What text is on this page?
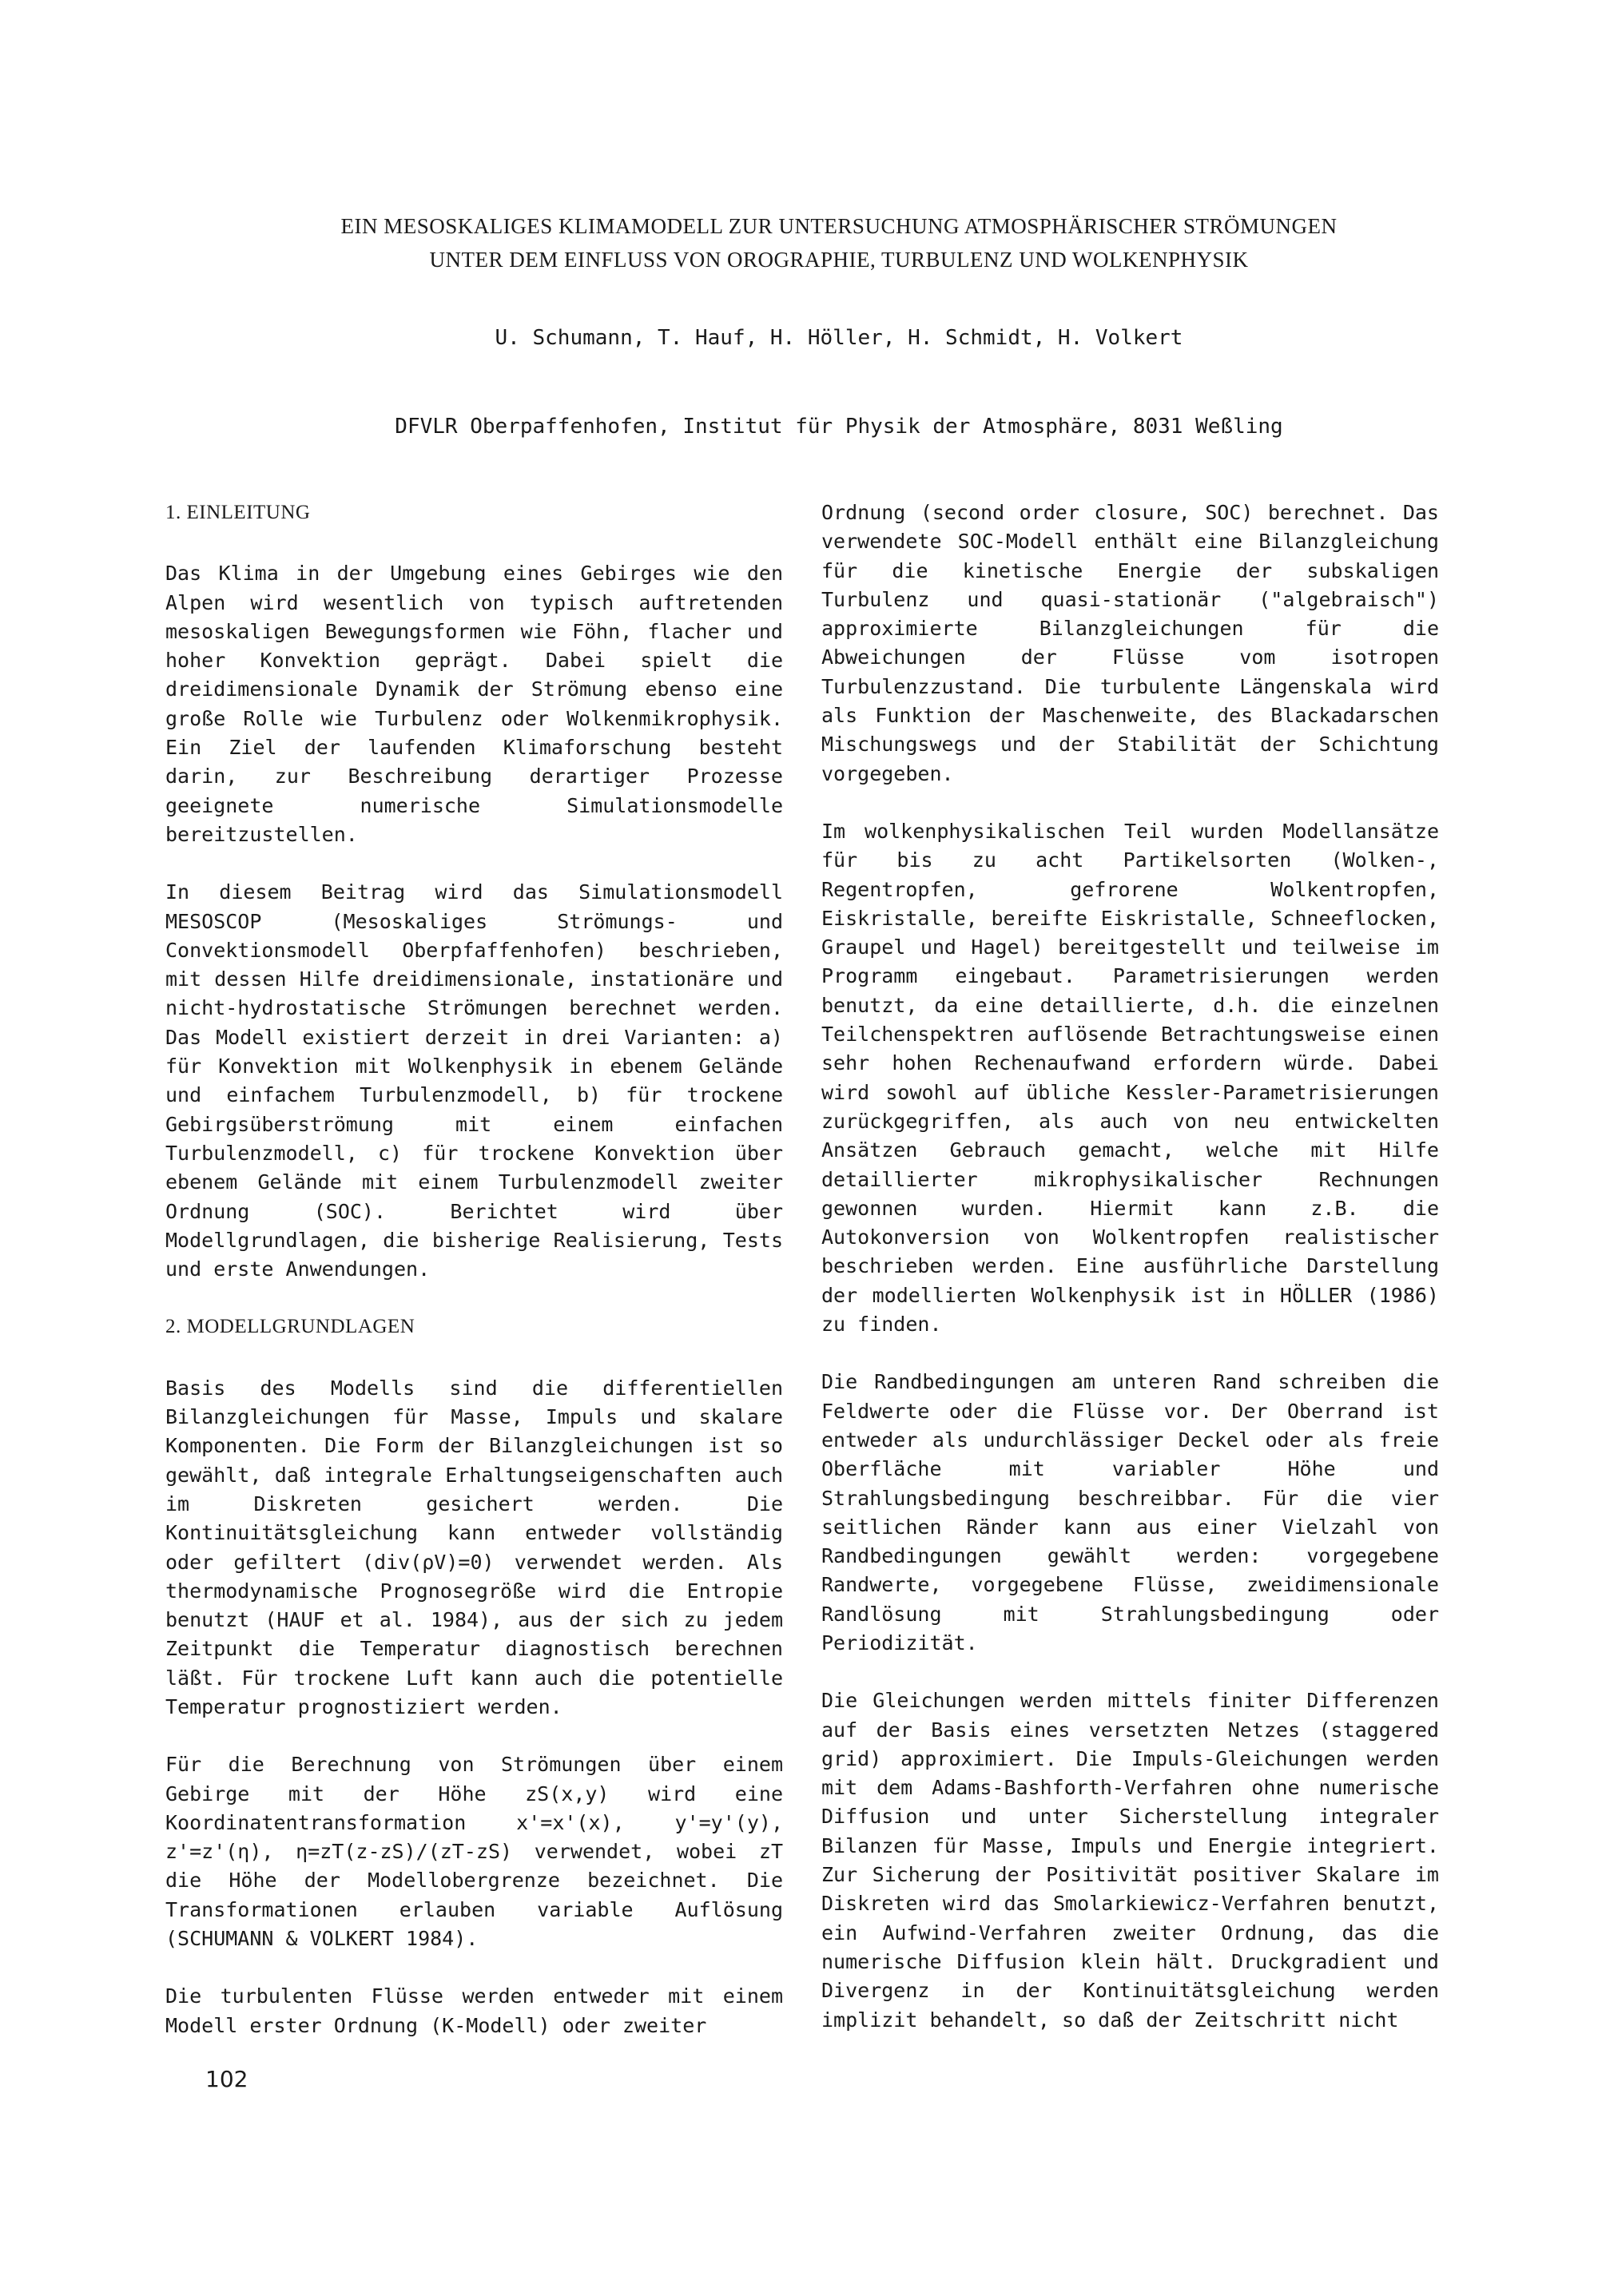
EIN MESOSKALIGES KLIMAMODELL ZUR UNTERSUCHUNG ATMOSPHÄRISCHER STRÖMUNGEN
UNTER DEM EINFLUSS VON OROGRAPHIE, TURBULENZ UND WOLKENPHYSIK
U. Schumann, T. Hauf, H. Höller, H. Schmidt, H. Volkert
DFVLR Oberpaffenhofen, Institut für Physik der Atmosphäre, 8031 Weßling
1. EINLEITUNG

Das Klima in der Umgebung eines Gebirges wie den Alpen wird wesentlich von typisch auftretenden mesoskaligen Bewegungsformen wie Föhn, flacher und hoher Konvektion geprägt. Dabei spielt die dreidimensionale Dynamik der Strömung ebenso eine große Rolle wie Turbulenz oder Wolkenmikrophysik. Ein Ziel der laufenden Klimaforschung besteht darin, zur Beschreibung derartiger Prozesse geeignete numerische Simulationsmodelle bereitzustellen.

In diesem Beitrag wird das Simulationsmodell MESOSCOP (Mesoskaliges Strömungs- und Convektionsmodell Oberpfaffenhofen) beschrieben, mit dessen Hilfe dreidimensionale, instationäre und nicht-hydrostatische Strömungen berechnet werden. Das Modell existiert derzeit in drei Varianten: a) für Konvektion mit Wolkenphysik in ebenem Gelände und einfachem Turbulenzmodell, b) für trockene Gebirgsüberströmung mit einem einfachen Turbulenzmodell, c) für trockene Konvektion über ebenem Gelände mit einem Turbulenzmodell zweiter Ordnung (SOC). Berichtet wird über Modellgrundlagen, die bisherige Realisierung, Tests und erste Anwendungen.

2. MODELLGRUNDLAGEN

Basis des Modells sind die differentiellen Bilanzgleichungen für Masse, Impuls und skalare Komponenten. Die Form der Bilanzgleichungen ist so gewählt, daß integrale Erhaltungseigenschaften auch im Diskreten gesichert werden. Die Kontinuitätsgleichung kann entweder vollständig oder gefiltert (div(ρV)=0) verwendet werden. Als thermodynamische Prognosegröße wird die Entropie benutzt (HAUF et al. 1984), aus der sich zu jedem Zeitpunkt die Temperatur diagnostisch berechnen läßt. Für trockene Luft kann auch die potentielle Temperatur prognostiziert werden.

Für die Berechnung von Strömungen über einem Gebirge mit der Höhe zS(x,y) wird eine Koordinatentransformation x'=x'(x), y'=y'(y), z'=z'(η), η=zT(z-zS)/(zT-zS) verwendet, wobei zT die Höhe der Modellobergrenze bezeichnet. Die Transformationen erlauben variable Auflösung (SCHUMANN & VOLKERT 1984).

Die turbulenten Flüsse werden entweder mit einem Modell erster Ordnung (K-Modell) oder zweiter

Ordnung (second order closure, SOC) berechnet. Das verwendete SOC-Modell enthält eine Bilanzgleichung für die kinetische Energie der subskaligen Turbulenz und quasi-stationär ("algebraisch") approximierte Bilanzgleichungen für die Abweichungen der Flüsse vom isotropen Turbulenzzustand. Die turbulente Längenskala wird als Funktion der Maschenweite, des Blackadarschen Mischungswegs und der Stabilität der Schichtung vorgegeben.

Im wolkenphysikalischen Teil wurden Modellansätze für bis zu acht Partikelsorten (Wolken-, Regentropfen, gefrorene Wolkentropfen, Eiskristalle, bereifte Eiskristalle, Schneeflocken, Graupel und Hagel) bereitgestellt und teilweise im Programm eingebaut. Parametrisierungen werden benutzt, da eine detaillierte, d.h. die einzelnen Teilchenspektren auflösende Betrachtungsweise einen sehr hohen Rechenaufwand erfordern würde. Dabei wird sowohl auf übliche Kessler-Parametrisierungen zurückgegriffen, als auch von neu entwickelten Ansätzen Gebrauch gemacht, welche mit Hilfe detaillierter mikrophysikalischer Rechnungen gewonnen wurden. Hiermit kann z.B. die Autokonversion von Wolkentropfen realistischer beschrieben werden. Eine ausführliche Darstellung der modellierten Wolkenphysik ist in HÖLLER (1986) zu finden.

Die Randbedingungen am unteren Rand schreiben die Feldwerte oder die Flüsse vor. Der Oberrand ist entweder als undurchlässiger Deckel oder als freie Oberfläche mit variabler Höhe und Strahlungsbedingung beschreibbar. Für die vier seitlichen Ränder kann aus einer Vielzahl von Randbedingungen gewählt werden: vorgegebene Randwerte, vorgegebene Flüsse, zweidimensionale Randlösung mit Strahlungsbedingung oder Periodizität.

Die Gleichungen werden mittels finiter Differenzen auf der Basis eines versetzten Netzes (staggered grid) approximiert. Die Impuls-Gleichungen werden mit dem Adams-Bashforth-Verfahren ohne numerische Diffusion und unter Sicherstellung integraler Bilanzen für Masse, Impuls und Energie integriert. Zur Sicherung der Positivität positiver Skalare im Diskreten wird das Smolarkiewicz-Verfahren benutzt, ein Aufwind-Verfahren zweiter Ordnung, das die numerische Diffusion klein hält. Druckgradient und Divergenz in der Kontinuitätsgleichung werden implizit behandelt, so daß der Zeitschritt nicht

102
